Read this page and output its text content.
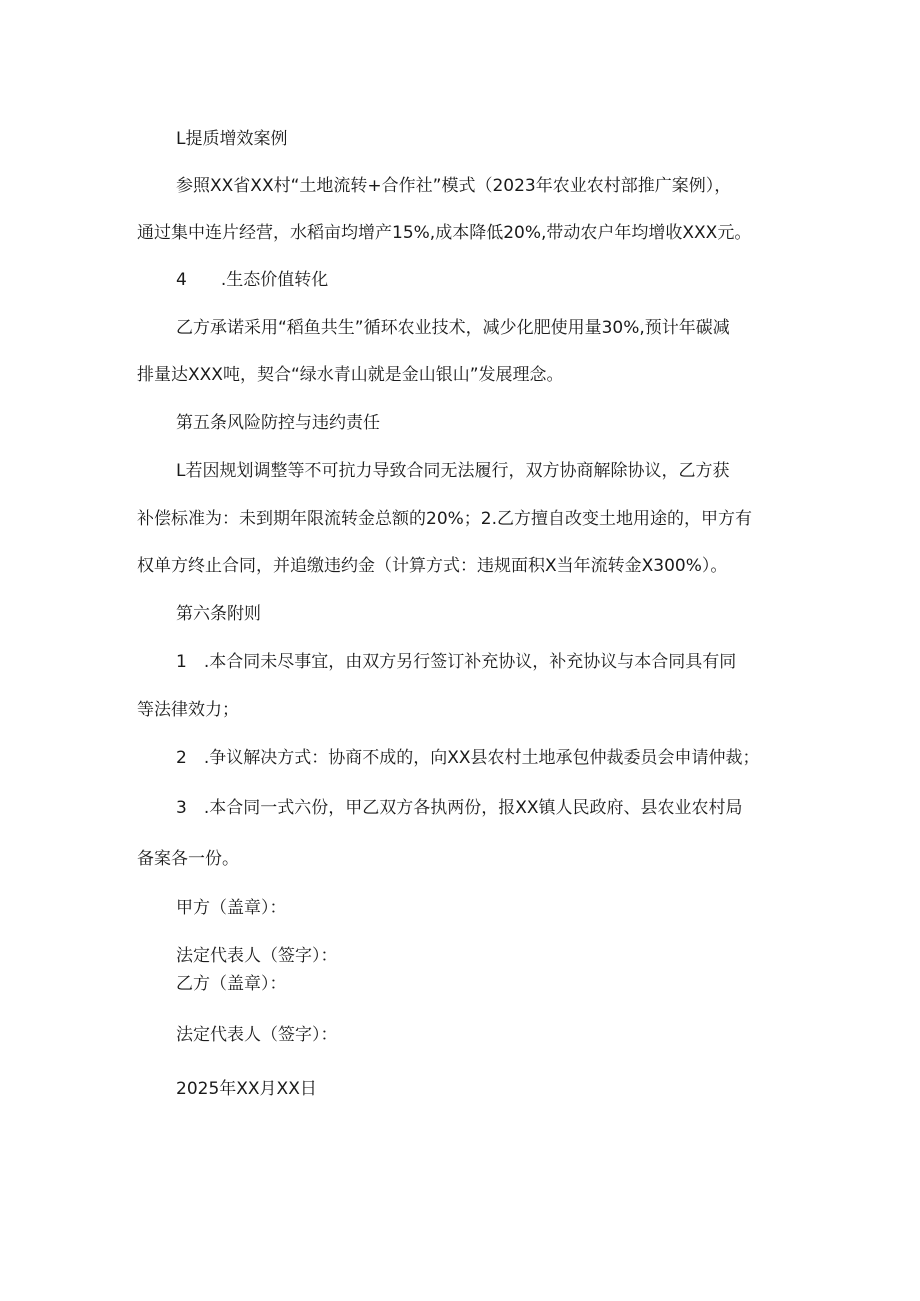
L提质增效案例
参照XX省XX村“土地流转+合作社”模式（2023年农业农村部推广案例），
通过集中连片经营，水稻亩均增产15%,成本降低20%,带动农户年均增收XXX元。
4　　.生态价值转化
乙方承诺采用“稻鱼共生”循环农业技术，减少化肥使用量30%,预计年碳减
排量达XXX吨，契合“绿水青山就是金山银山”发展理念。
第五条风险防控与违约责任
L若因规划调整等不可抗力导致合同无法履行，双方协商解除协议，乙方获
补偿标准为：未到期年限流转金总额的20%；2.乙方擅自改变土地用途的，甲方有
权单方终止合同，并追缴违约金（计算方式：违规面积X当年流转金X300%）。
第六条附则
1　.本合同未尽事宜，由双方另行签订补充协议，补充协议与本合同具有同
等法律效力；
2　.争议解决方式：协商不成的，向XX县农村土地承包仲裁委员会申请仲裁；
3　.本合同一式六份，甲乙双方各执两份，报XX镇人民政府、县农业农村局
备案各一份。
甲方（盖章）：
法定代表人（签字）：
乙方（盖章）：
法定代表人（签字）：
2025年XX月XX日
